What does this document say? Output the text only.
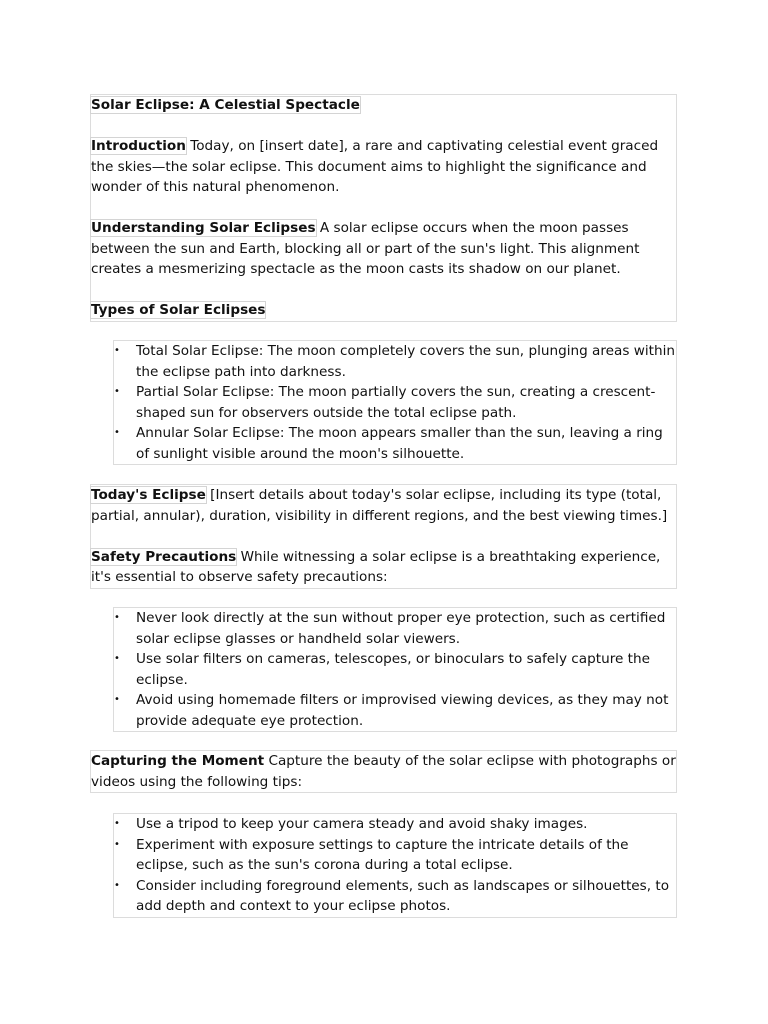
Solar Eclipse: A Celestial Spectacle

Introduction Today, on [insert date], a rare and captivating celestial event graced the skies—the solar eclipse. This document aims to highlight the significance and wonder of this natural phenomenon.

Understanding Solar Eclipses A solar eclipse occurs when the moon passes between the sun and Earth, blocking all or part of the sun's light. This alignment creates a mesmerizing spectacle as the moon casts its shadow on our planet.

Types of Solar Eclipses

•	Total Solar Eclipse: The moon completely covers the sun, plunging areas within the eclipse path into darkness.
•	Partial Solar Eclipse: The moon partially covers the sun, creating a crescent-shaped sun for observers outside the total eclipse path.
•	Annular Solar Eclipse: The moon appears smaller than the sun, leaving a ring of sunlight visible around the moon's silhouette.

Today's Eclipse [Insert details about today's solar eclipse, including its type (total, partial, annular), duration, visibility in different regions, and the best viewing times.]

Safety Precautions While witnessing a solar eclipse is a breathtaking experience, it's essential to observe safety precautions:

•	Never look directly at the sun without proper eye protection, such as certified solar eclipse glasses or handheld solar viewers.
•	Use solar filters on cameras, telescopes, or binoculars to safely capture the eclipse.
•	Avoid using homemade filters or improvised viewing devices, as they may not provide adequate eye protection.

Capturing the Moment Capture the beauty of the solar eclipse with photographs or videos using the following tips:

•	Use a tripod to keep your camera steady and avoid shaky images.
•	Experiment with exposure settings to capture the intricate details of the eclipse, such as the sun's corona during a total eclipse.
•	Consider including foreground elements, such as landscapes or silhouettes, to add depth and context to your eclipse photos.
